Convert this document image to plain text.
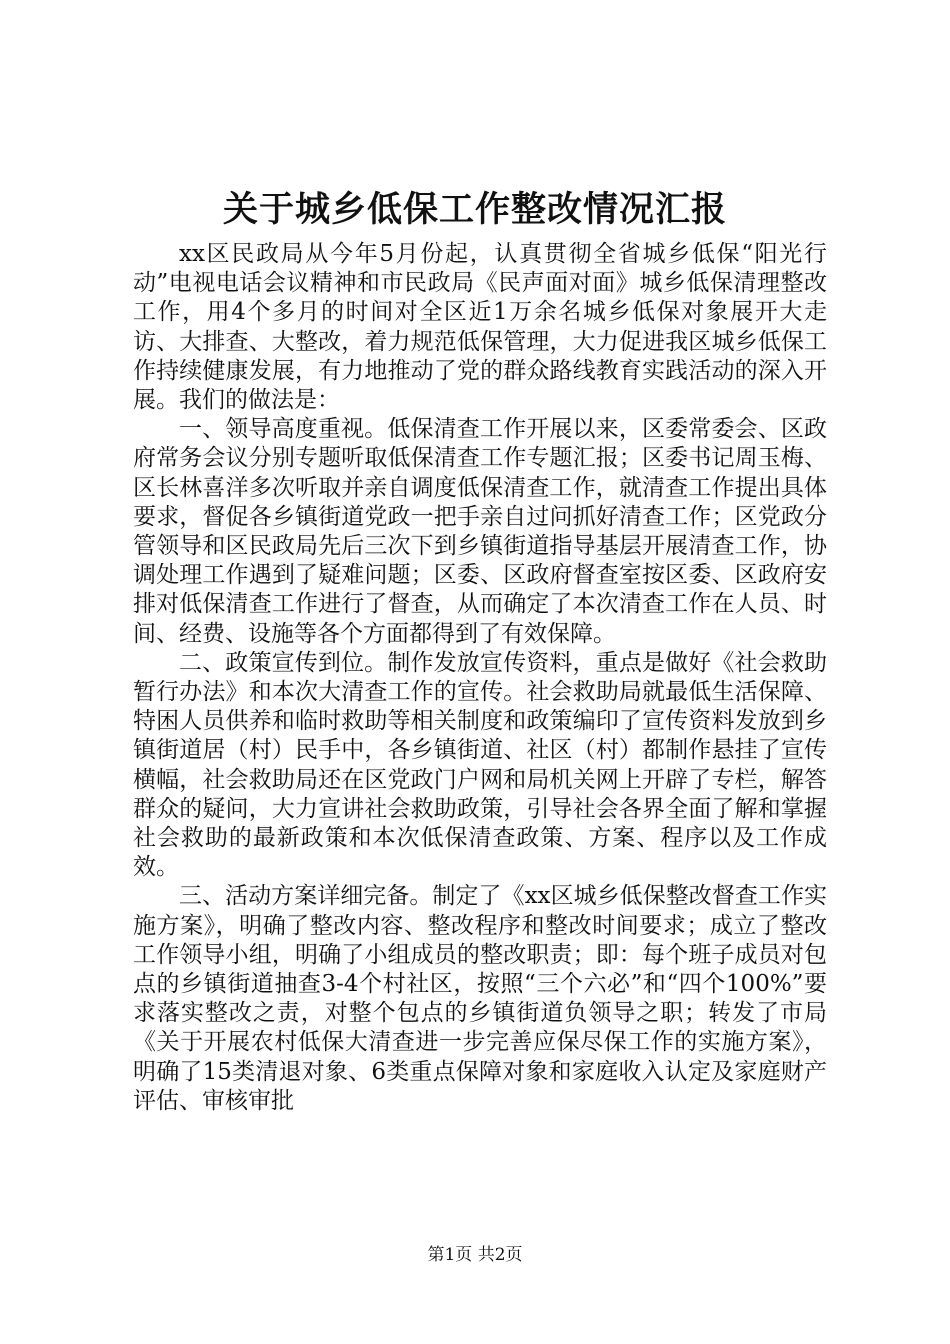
关于城乡低保工作整改情况汇报

xx区民政局从今年5月份起，认真贯彻全省城乡低保“阳光行动”电视电话会议精神和市民政局《民声面对面》城乡低保清理整改工作，用4个多月的时间对全区近1万余名城乡低保对象展开大走访、大排查、大整改，着力规范低保管理，大力促进我区城乡低保工作持续健康发展，有力地推动了党的群众路线教育实践活动的深入开展。我们的做法是：

一、领导高度重视。低保清查工作开展以来，区委常委会、区政府常务会议分别专题听取低保清查工作专题汇报；区委书记周玉梅、区长林喜洋多次听取并亲自调度低保清查工作，就清查工作提出具体要求，督促各乡镇街道党政一把手亲自过问抓好清查工作；区党政分管领导和区民政局先后三次下到乡镇街道指导基层开展清查工作，协调处理工作遇到了疑难问题；区委、区政府督查室按区委、区政府安排对低保清查工作进行了督查，从而确定了本次清查工作在人员、时间、经费、设施等各个方面都得到了有效保障。

二、政策宣传到位。制作发放宣传资料，重点是做好《社会救助暂行办法》和本次大清查工作的宣传。社会救助局就最低生活保障、特困人员供养和临时救助等相关制度和政策编印了宣传资料发放到乡镇街道居（村）民手中，各乡镇街道、社区（村）都制作悬挂了宣传横幅，社会救助局还在区党政门户网和局机关网上开辟了专栏，解答群众的疑问，大力宣讲社会救助政策，引导社会各界全面了解和掌握社会救助的最新政策和本次低保清查政策、方案、程序以及工作成效。

三、活动方案详细完备。制定了《xx区城乡低保整改督查工作实施方案》，明确了整改内容、整改程序和整改时间要求；成立了整改工作领导小组，明确了小组成员的整改职责；即：每个班子成员对包点的乡镇街道抽查3-4个村社区，按照“三个六必”和“四个100%”要求落实整改之责，对整个包点的乡镇街道负领导之职；转发了市局《关于开展农村低保大清查进一步完善应保尽保工作的实施方案》，明确了15类清退对象、6类重点保障对象和家庭收入认定及家庭财产评估、审核审批

第1页 共2页
